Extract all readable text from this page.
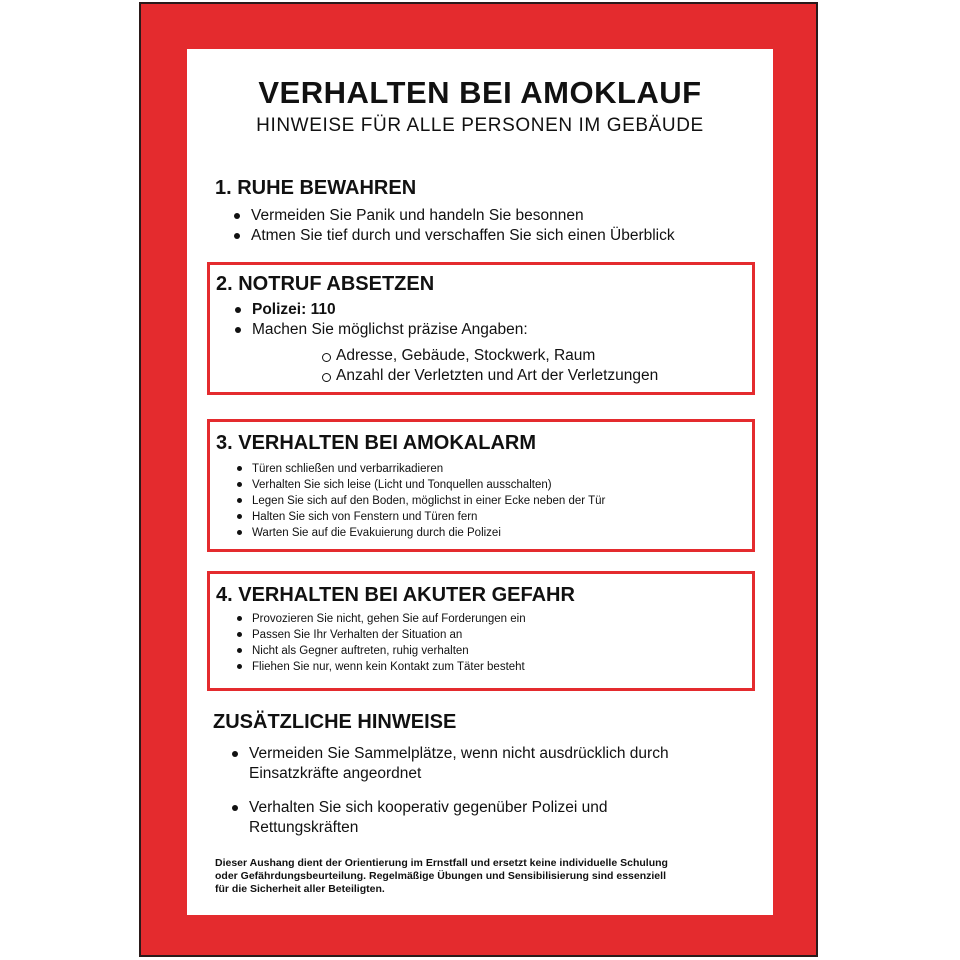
VERHALTEN BEI AMOKLAUF
HINWEISE FÜR ALLE PERSONEN IM GEBÄUDE
1. RUHE BEWAHREN
Vermeiden Sie Panik und handeln Sie besonnen
Atmen Sie tief durch und verschaffen Sie sich einen Überblick
2. NOTRUF ABSETZEN
Polizei: 110
Machen Sie möglichst präzise Angaben:
Adresse, Gebäude, Stockwerk, Raum
Anzahl der Verletzten und Art der Verletzungen
3. VERHALTEN BEI AMOKALARM
Türen schließen und verbarrikadieren
Verhalten Sie sich leise (Licht und Tonquellen ausschalten)
Legen Sie sich auf den Boden, möglichst in einer Ecke neben der Tür
Halten Sie sich von Fenstern und Türen fern
Warten Sie auf die Evakuierung durch die Polizei
4. VERHALTEN BEI AKUTER GEFAHR
Provozieren Sie nicht, gehen Sie auf Forderungen ein
Passen Sie Ihr Verhalten der Situation an
Nicht als Gegner auftreten, ruhig verhalten
Fliehen Sie nur, wenn kein Kontakt zum Täter besteht
ZUSÄTZLICHE HINWEISE
Vermeiden Sie Sammelplätze, wenn nicht ausdrücklich durch Einsatzkräfte angeordnet
Verhalten Sie sich kooperativ gegenüber Polizei und Rettungskräften
Dieser Aushang dient der Orientierung im Ernstfall und ersetzt keine individuelle Schulung
oder Gefährdungsbeurteilung. Regelmäßige Übungen und Sensibilisierung sind essenziell
für die Sicherheit aller Beteiligten.
